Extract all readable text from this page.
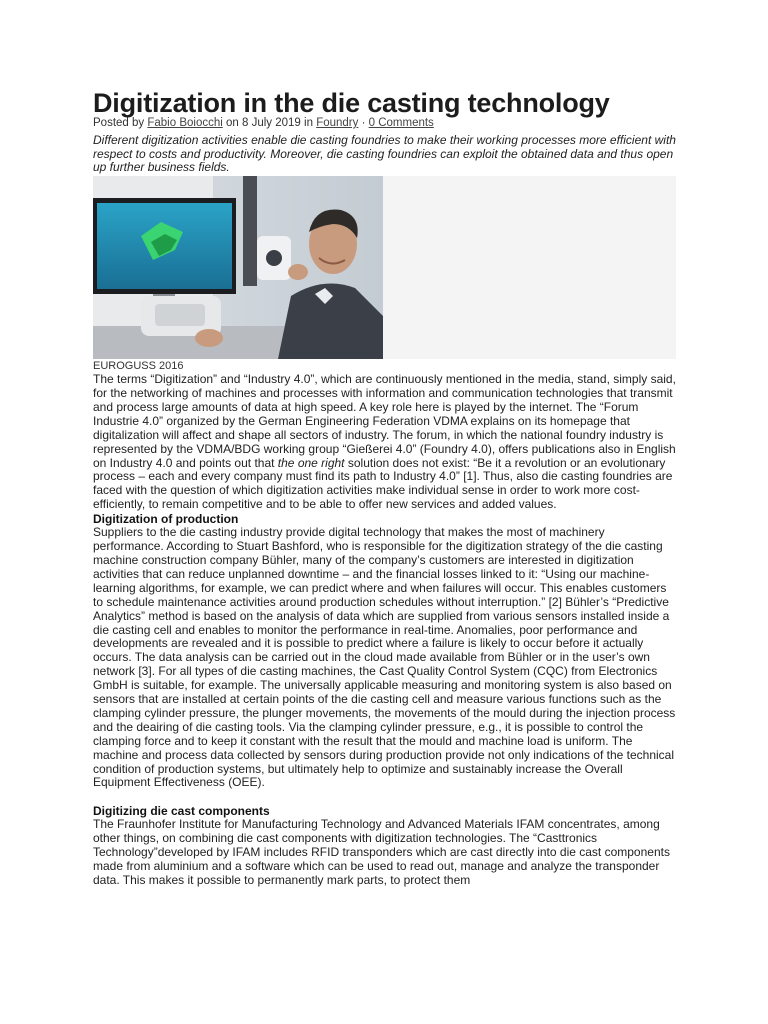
Digitization in the die casting technology
Posted by Fabio Boiocchi on 8 July 2019 in Foundry · 0 Comments

Different digitization activities enable die casting foundries to make their working processes more efficient with respect to costs and productivity. Moreover, die casting foundries can exploit the obtained data and thus open up further business fields.

EUROGUSS 2016

The terms “Digitization” and “Industry 4.0”, which are continuously mentioned in the media, stand, simply said, for the networking of machines and processes with information and communication technologies that transmit and process large amounts of data at high speed. A key role here is played by the internet. The “Forum Industrie 4.0” organized by the German Engineering Federation VDMA explains on its homepage that digitalization will affect and shape all sectors of industry. The forum, in which the national foundry industry is represented by the VDMA/BDG working group “Gießerei 4.0” (Foundry 4.0), offers publications also in English on Industry 4.0 and points out that the one right solution does not exist: “Be it a revolution or an evolutionary process – each and every company must find its path to Industry 4.0” [1]. Thus, also die casting foundries are faced with the question of which digitization activities make individual sense in order to work more cost-efficiently, to remain competitive and to be able to offer new services and added values.

Digitization of production

Suppliers to the die casting industry provide digital technology that makes the most of machinery performance. According to Stuart Bashford, who is responsible for the digitization strategy of the die casting machine construction company Bühler, many of the company’s customers are interested in digitization activities that can reduce unplanned downtime – and the financial losses linked to it: “Using our machine-learning algorithms, for example, we can predict where and when failures will occur. This enables customers to schedule maintenance activities around production schedules without interruption.” [2] Bühler’s “Predictive Analytics” method is based on the analysis of data which are supplied from various sensors installed inside a die casting cell and enables to monitor the performance in real-time. Anomalies, poor performance and developments are revealed and it is possible to predict where a failure is likely to occur before it actually occurs. The data analysis can be carried out in the cloud made available from Bühler or in the user’s own network [3]. For all types of die casting machines, the Cast Quality Control System (CQC) from Electronics GmbH is suitable, for example. The universally applicable measuring and monitoring system is also based on sensors that are installed at certain points of the die casting cell and measure various functions such as the clamping cylinder pressure, the plunger movements, the movements of the mould during the injection process and the deairing of die casting tools. Via the clamping cylinder pressure, e.g., it is possible to control the clamping force and to keep it constant with the result that the mould and machine load is uniform. The machine and process data collected by sensors during production provide not only indications of the technical condition of production systems, but ultimately help to optimize and sustainably increase the Overall Equipment Effectiveness (OEE).

Digitizing die cast components

The Fraunhofer Institute for Manufacturing Technology and Advanced Materials IFAM concentrates, among other things, on combining die cast components with digitization technologies. The “Casttronics Technology”developed by IFAM includes RFID transponders which are cast directly into die cast components made from aluminium and a software which can be used to read out, manage and analyze the transponder data. This makes it possible to permanently mark parts, to protect them
